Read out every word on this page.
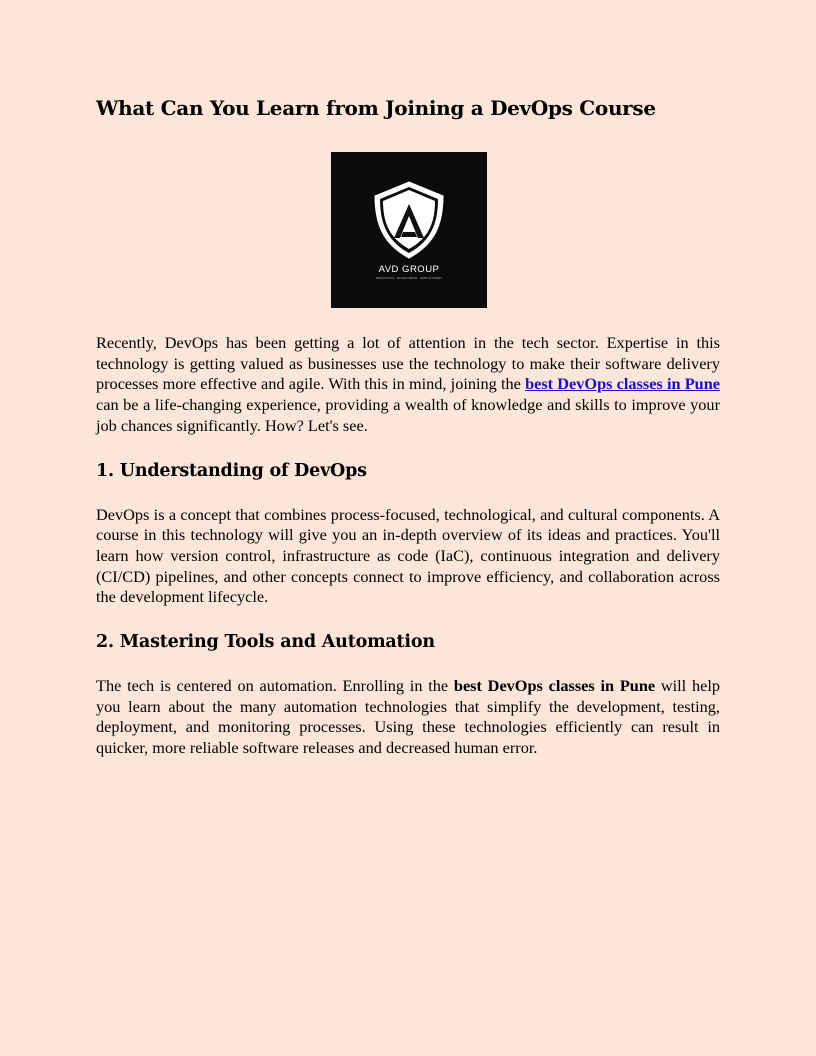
What Can You Learn from Joining a DevOps Course
AVD GROUP
EDUCATION · EXCELLENCE · EMPLOYMENT

Recently, DevOps has been getting a lot of attention in the tech sector. Expertise in this technology is getting valued as businesses use the technology to make their software delivery processes more effective and agile. With this in mind, joining the best DevOps classes in Pune can be a life-changing experience, providing a wealth of knowledge and skills to improve your job chances significantly. How? Let's see.

1. Understanding of DevOps

DevOps is a concept that combines process-focused, technological, and cultural components. A course in this technology will give you an in-depth overview of its ideas and practices. You'll learn how version control, infrastructure as code (IaC), continuous integration and delivery (CI/CD) pipelines, and other concepts connect to improve efficiency, and collaboration across the development lifecycle.

2. Mastering Tools and Automation

The tech is centered on automation. Enrolling in the best DevOps classes in Pune will help you learn about the many automation technologies that simplify the development, testing, deployment, and monitoring processes. Using these technologies efficiently can result in quicker, more reliable software releases and decreased human error.
